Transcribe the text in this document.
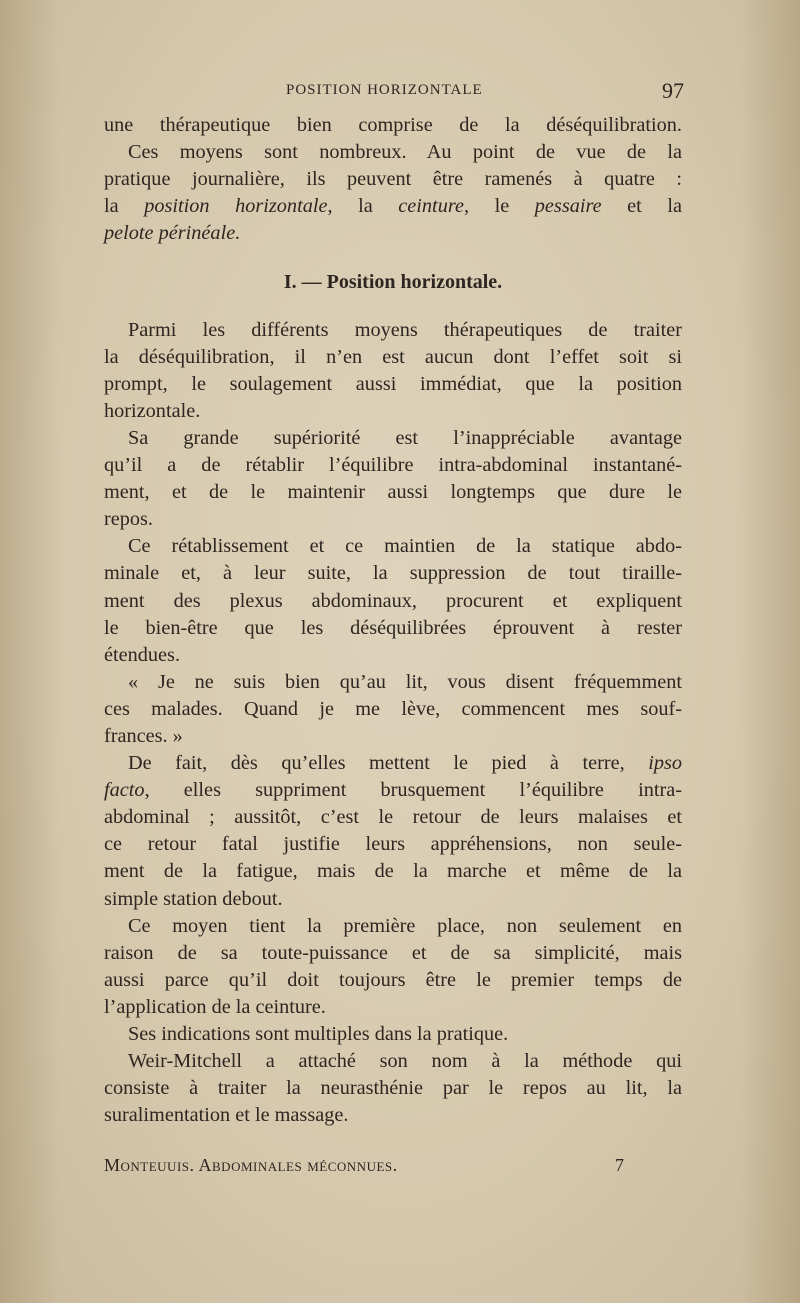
POSITION HORIZONTALE	97
une thérapeutique bien comprise de la déséquilibration.
Ces moyens sont nombreux. Au point de vue de la
pratique journalière, ils peuvent être ramenés à quatre :
la position horizontale, la ceinture, le pessaire et la
pelote périnéale.
I. — Position horizontale.
Parmi les différents moyens thérapeutiques de traiter
la déséquilibration, il n’en est aucun dont l’effet soit si
prompt, le soulagement aussi immédiat, que la position
horizontale.
Sa grande supériorité est l’inappréciable avantage
qu’il a de rétablir l’équilibre intra-abdominal instantané-
ment, et de le maintenir aussi longtemps que dure le
repos.
Ce rétablissement et ce maintien de la statique abdo-
minale et, à leur suite, la suppression de tout tiraille-
ment des plexus abdominaux, procurent et expliquent
le bien-être que les déséquilibrées éprouvent à rester
étendues.
« Je ne suis bien qu’au lit, vous disent fréquemment
ces malades. Quand je me lève, commencent mes souf-
frances. »
De fait, dès qu’elles mettent le pied à terre, ipso
facto, elles suppriment brusquement l’équilibre intra-
abdominal ; aussitôt, c’est le retour de leurs malaises et
ce retour fatal justifie leurs appréhensions, non seule-
ment de la fatigue, mais de la marche et même de la
simple station debout.
Ce moyen tient la première place, non seulement en
raison de sa toute-puissance et de sa simplicité, mais
aussi parce qu’il doit toujours être le premier temps de
l’application de la ceinture.
Ses indications sont multiples dans la pratique.
Weir-Mitchell a attaché son nom à la méthode qui
consiste à traiter la neurasthénie par le repos au lit, la
suralimentation et le massage.
Monteuuis. Abdominales méconnues.	7
